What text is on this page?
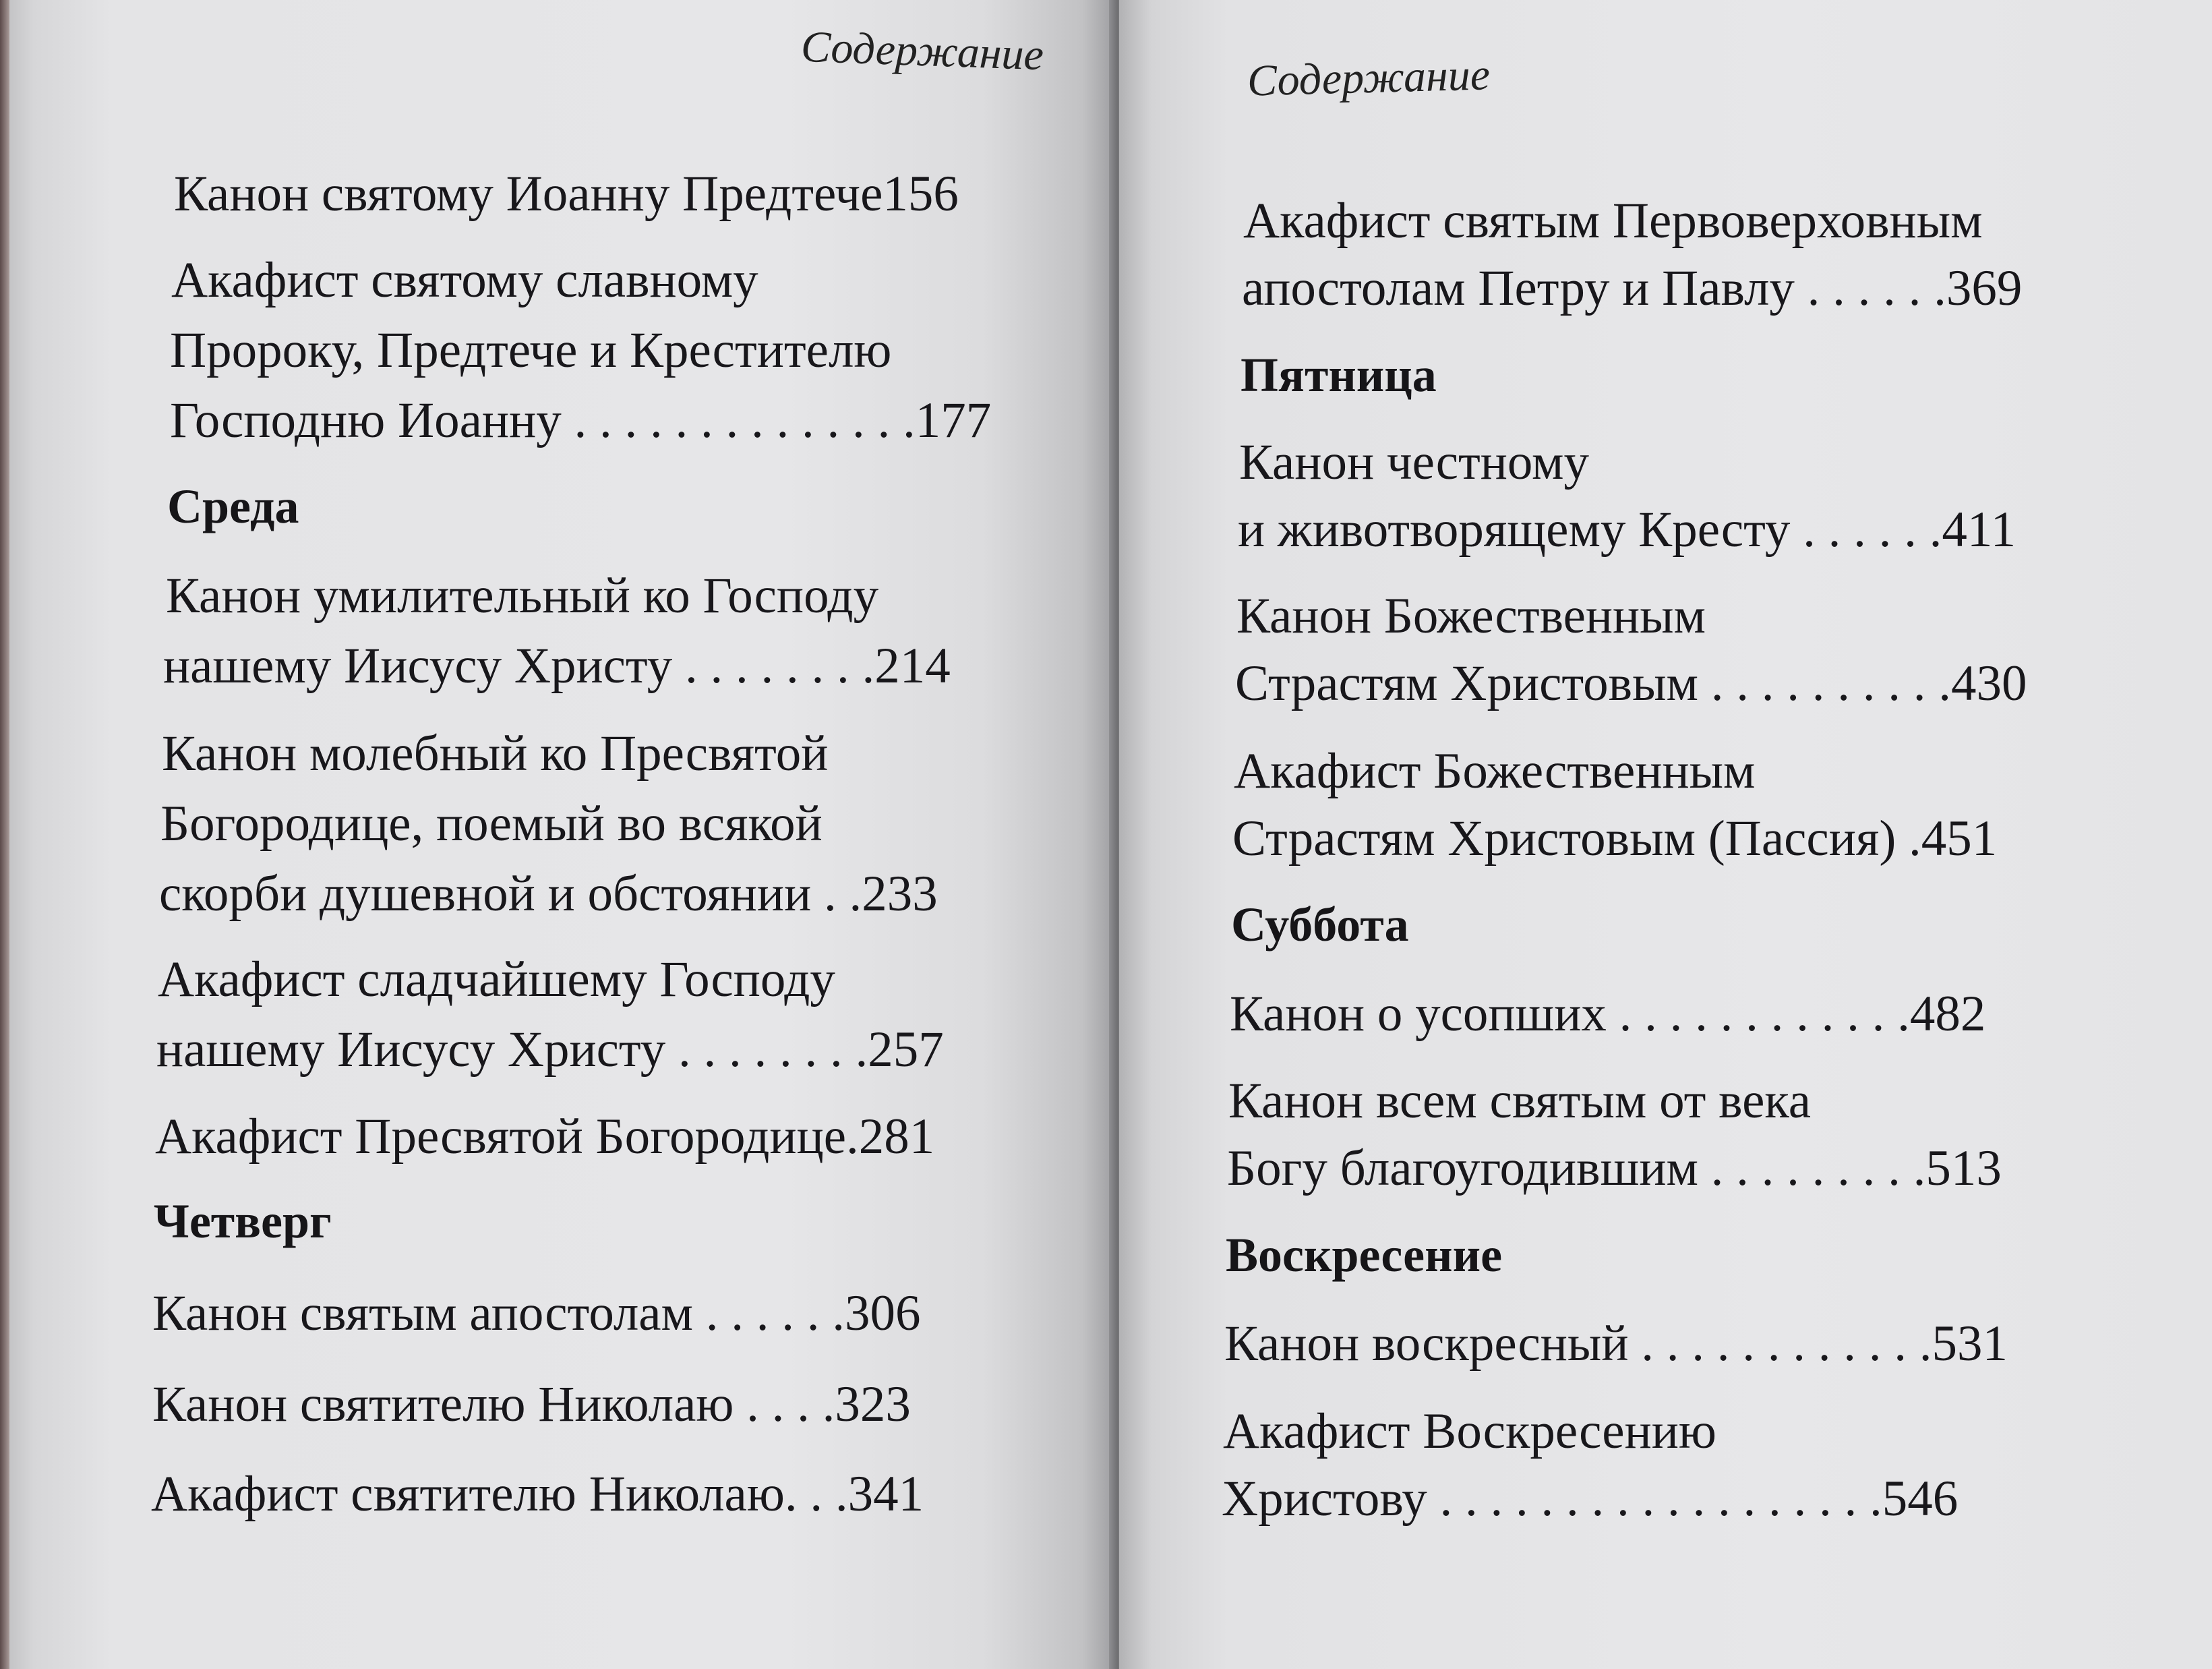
Содержание
Канон святому Иоанну Предтече156
Акафист святому славному
Пророку, Предтече и Крестителю
Господню Иоанну . . . . . . . . . . . . . .177
Среда
Канон умилительный ко Господу
нашему Иисусу Христу . . . . . . . .214
Канон молебный ко Пресвятой
Богородице, поемый во всякой
скорби душевной и обстоянии . .233
Акафист сладчайшему Господу
нашему Иисусу Христу . . . . . . . .257
Акафист Пресвятой Богородице.281
Четверг
Канон святым апостолам . . . . . .306
Канон святителю Николаю . . . .323
Акафист святителю Николаю. . .341
Содержание
Акафист святым Первоверховным
апостолам Петру и Павлу . . . . . .369
Пятница
Канон честному
и животворящему Кресту . . . . . .411
Канон Божественным
Страстям Христовым . . . . . . . . . .430
Акафист Божественным
Страстям Христовым (Пассия) .451
Суббота
Канон о усопших . . . . . . . . . . . .482
Канон всем святым от века
Богу благоугодившим . . . . . . . . .513
Воскресение
Канон воскресный . . . . . . . . . . . .531
Акафист Воскресению
Христову . . . . . . . . . . . . . . . . . .546
